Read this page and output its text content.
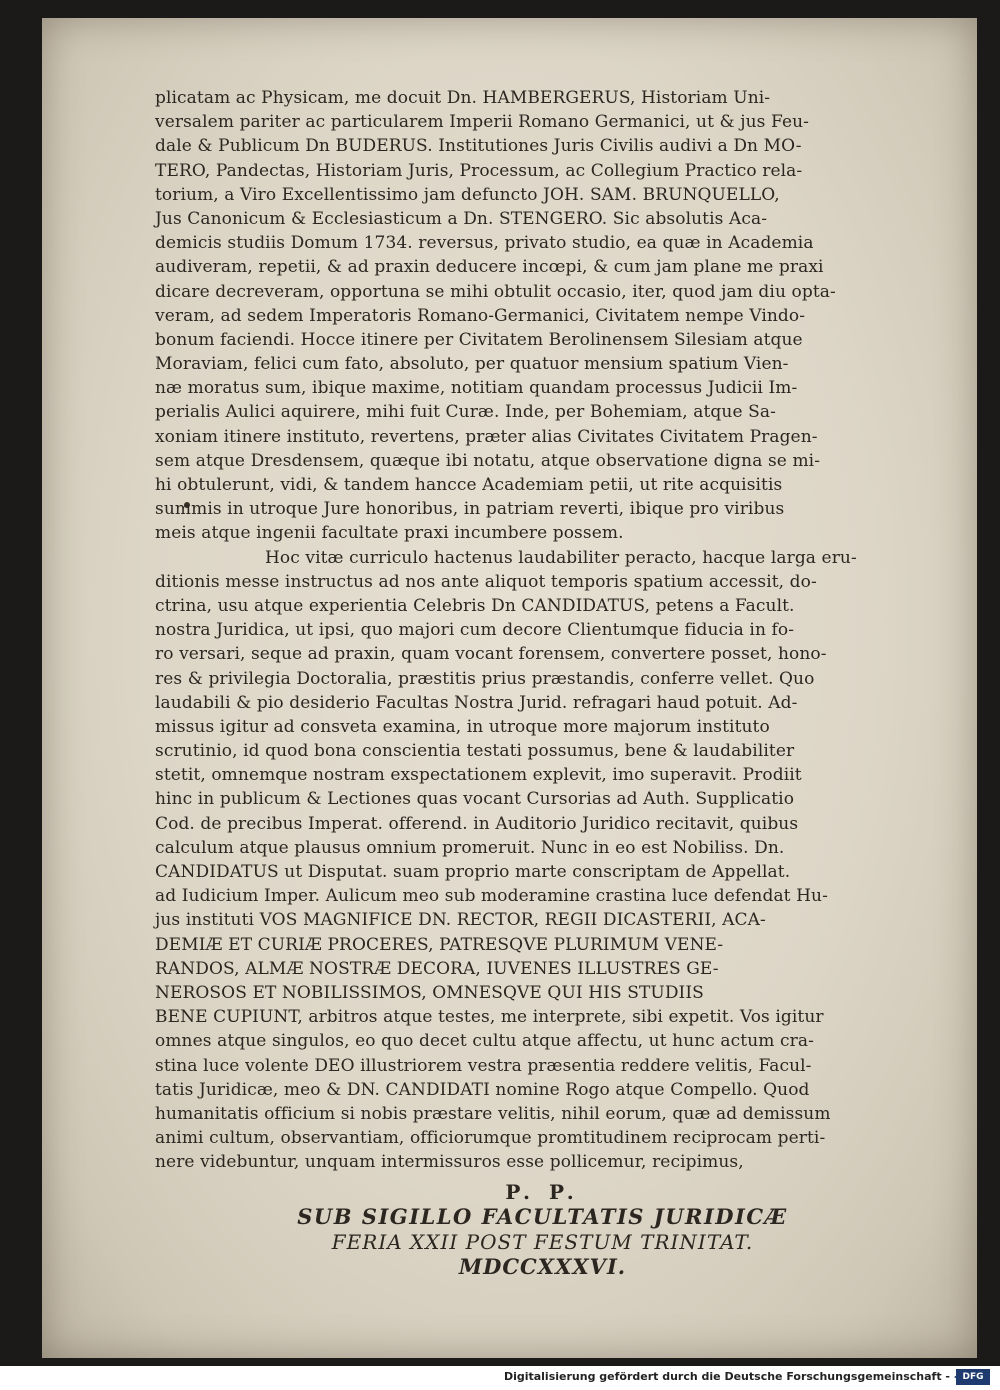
plicatam ac Physicam, me docuit Dn. HAMBERGERUS, Historiam Uni-
versalem pariter ac particularem Imperii Romano Germanici, ut & jus Feu-
dale & Publicum Dn BUDERUS. Institutiones Juris Civilis audivi a Dn MO-
TERO, Pandectas, Historiam Juris, Processum, ac Collegium Practico rela-
torium, a Viro Excellentissimo jam defuncto JOH. SAM. BRUNQUELLO,
Jus Canonicum & Ecclesiasticum a Dn. STENGERO. Sic absolutis Aca-
demicis studiis Domum 1734. reversus, privato studio, ea quæ in Academia
audiveram, repetii, & ad praxin deducere incœpi, & cum jam plane me praxi
dicare decreveram, opportuna se mihi obtulit occasio, iter, quod jam diu opta-
veram, ad sedem Imperatoris Romano-Germanici, Civitatem nempe Vindo-
bonum faciendi. Hocce itinere per Civitatem Berolinensem Silesiam atque
Moraviam, felici cum fato, absoluto, per quatuor mensium spatium Vien-
næ moratus sum, ibique maxime, notitiam quandam processus Judicii Im-
perialis Aulici aquirere, mihi fuit Curæ. Inde, per Bohemiam, atque Sa-
xoniam itinere instituto, revertens, præter alias Civitates Civitatem Pragen-
sem atque Dresdensem, quæque ibi notatu, atque observatione digna se mi-
hi obtulerunt, vidi, & tandem hancce Academiam petii, ut rite acquisitis
summis in utroque Jure honoribus, in patriam reverti, ibique pro viribus
meis atque ingenii facultate praxi incumbere possem.

Hoc vitæ curriculo hactenus laudabiliter peracto, hacque larga eru-
ditionis messe instructus ad nos ante aliquot temporis spatium accessit, do-
ctrina, usu atque experientia Celebris Dn CANDIDATUS, petens a Facult.
nostra Juridica, ut ipsi, quo majori cum decore Clientumque fiducia in fo-
ro versari, seque ad praxin, quam vocant forensem, convertere posset, hono-
res & privilegia Doctoralia, præstitis prius præstandis, conferre vellet. Quo
laudabili & pio desiderio Facultas Nostra Jurid. refragari haud potuit. Ad-
missus igitur ad consveta examina, in utroque more majorum instituto
scrutinio, id quod bona conscientia testati possumus, bene & laudabiliter
stetit, omnemque nostram exspectationem explevit, imo superavit. Prodiit
hinc in publicum & Lectiones quas vocant Cursorias ad Auth. Supplicatio
Cod. de precibus Imperat. offerend. in Auditorio Juridico recitavit, quibus
calculum atque plausus omnium promeruit. Nunc in eo est Nobiliss. Dn.
CANDIDATUS ut Disputat. suam proprio marte conscriptam de Appellat.
ad Iudicium Imper. Aulicum meo sub moderamine crastina luce defendat Hu-
jus instituti VOS MAGNIFICE DN. RECTOR, REGII DICASTERII, ACA-
DEMIÆ ET CURIÆ PROCERES, PATRESQVE PLURIMUM VENE-
RANDOS, ALMÆ NOSTRÆ DECORA, IUVENES ILLUSTRES GE-
NEROSOS ET NOBILISSIMOS, OMNESQVE QUI HIS STUDIIS
BENE CUPIUNT, arbitros atque testes, me interprete, sibi expetit. Vos igitur
omnes atque singulos, eo quo decet cultu atque affectu, ut hunc actum cra-
stina luce volente DEO illustriorem vestra præsentia reddere velitis, Facul-
tatis Juridicæ, meo & DN. CANDIDATI nomine Rogo atque Compello. Quod
humanitatis officium si nobis præstare velitis, nihil eorum, quæ ad demissum
animi cultum, observantiam, officiorumque promtitudinem reciprocam perti-
nere videbuntur, unquam intermissuros esse pollicemur, recipimus,

P. P.

SUB SIGILLO FACULTATIS JURIDICÆ

FERIA XXII POST FESTUM TRINITAT.

MDCCXXXVI.

Digitalisierung gefördert durch die Deutsche Forschungsgemeinschaft -	DFG
